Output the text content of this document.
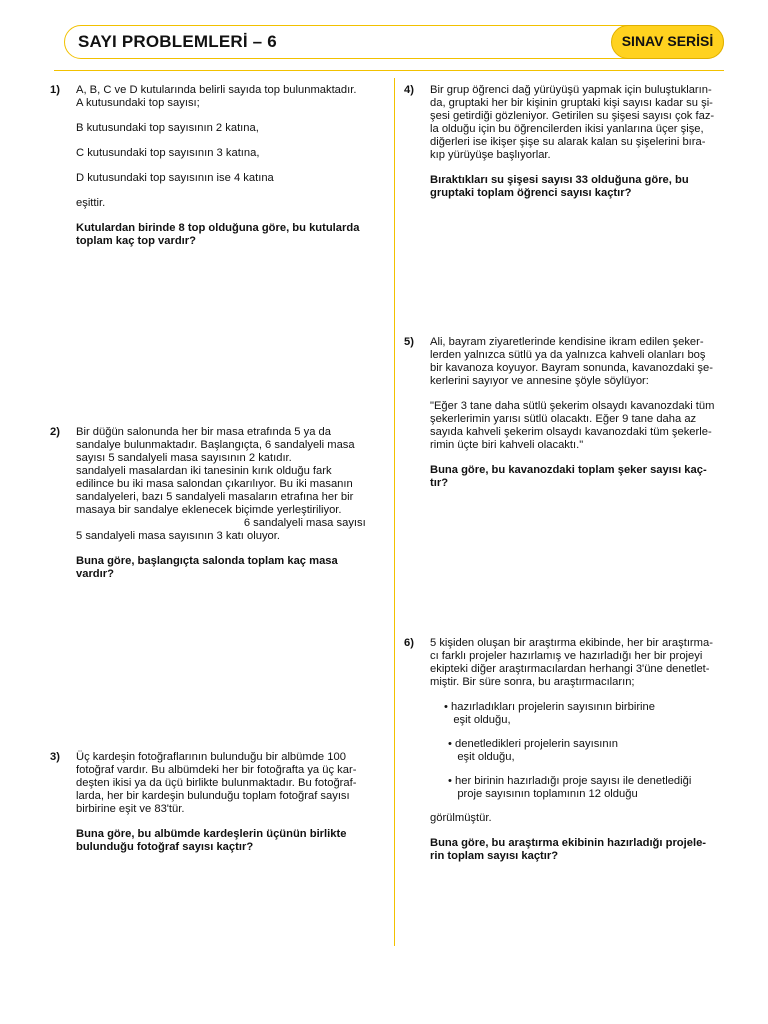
SAYI PROBLEMLERİ – 6	SINAV SERİSİ
1) A, B, C ve D kutularında belirli sayıda top bulunmaktadır.
A kutusundaki top sayısı;

B kutusundaki top sayısının 2 katına,

C kutusundaki top sayısının 3 katına,

D kutusundaki top sayısının ise 4 katına

eşittir.

Kutulardan birinde 8 top olduğuna göre, bu kutularda
toplam kaç top vardır?

2) Bir düğün salonunda her bir masa etrafında 5 ya da
sandalye bulunmaktadır. Başlangıçta, 6 sandalyeli masa
sayısı 5 sandalyeli masa sayısının 2 katıdır.
sandalyeli masalardan iki tanesinin kırık olduğu fark
edilince bu iki masa salondan çıkarılıyor. Bu iki masanın
sandalyeleri, bazı 5 sandalyeli masaların etrafına her bir
masaya bir sandalye eklenecek biçimde yerleştiriliyor.
6 sandalyeli masa sayısı
5 sandalyeli masa sayısının 3 katı oluyor.

Buna göre, başlangıçta salonda toplam kaç masa
vardır?

3) Üç kardeşin fotoğraflarının bulunduğu bir albümde 100
fotoğraf vardır. Bu albümdeki her bir fotoğrafta ya üç kar-
deşten ikisi ya da üçü birlikte bulunmaktadır. Bu fotoğraf-
larda, her bir kardeşin bulunduğu toplam fotoğraf sayısı
birbirine eşit ve 83'tür.

Buna göre, bu albümde kardeşlerin üçünün birlikte
bulunduğu fotoğraf sayısı kaçtır?

4) Bir grup öğrenci dağ yürüyüşü yapmak için buluştukların-
da, gruptaki her bir kişinin gruptaki kişi sayısı kadar su şi-
şesi getirdiği gözleniyor. Getirilen su şişesi sayısı çok faz-
la olduğu için bu öğrencilerden ikisi yanlarına üçer şişe,
diğerleri ise ikişer şişe su alarak kalan su şişelerini bıra-
kıp yürüyüşe başlıyorlar.

Bıraktıkları su şişesi sayısı 33 olduğuna göre, bu
gruptaki toplam öğrenci sayısı kaçtır?

5) Ali, bayram ziyaretlerinde kendisine ikram edilen şeker-
lerden yalnızca sütlü ya da yalnızca kahveli olanları boş
bir kavanoza koyuyor. Bayram sonunda, kavanozdaki şe-
kerlerini sayıyor ve annesine şöyle söylüyor:

"Eğer 3 tane daha sütlü şekerim olsaydı kavanozdaki tüm
şekerlerimin yarısı sütlü olacaktı. Eğer 9 tane daha az
sayıda kahveli şekerim olsaydı kavanozdaki tüm şekerle-
rimin üçte biri kahveli olacaktı."

Buna göre, bu kavanozdaki toplam şeker sayısı kaç-
tır?

6) 5 kişiden oluşan bir araştırma ekibinde, her bir araştırma-
cı farklı projeler hazırlamış ve hazırladığı her bir projeyi
ekipteki diğer araştırmacılardan herhangi 3'üne denetlet-
miştir. Bir süre sonra, bu araştırmacıların;

• hazırladıkları projelerin sayısının birbirine
eşit olduğu,

• denetledikleri projelerin sayısının
eşit olduğu,

• her birinin hazırladığı proje sayısı ile denetlediği
proje sayısının toplamının 12 olduğu

görülmüştür.

Buna göre, bu araştırma ekibinin hazırladığı projele-
rin toplam sayısı kaçtır?
